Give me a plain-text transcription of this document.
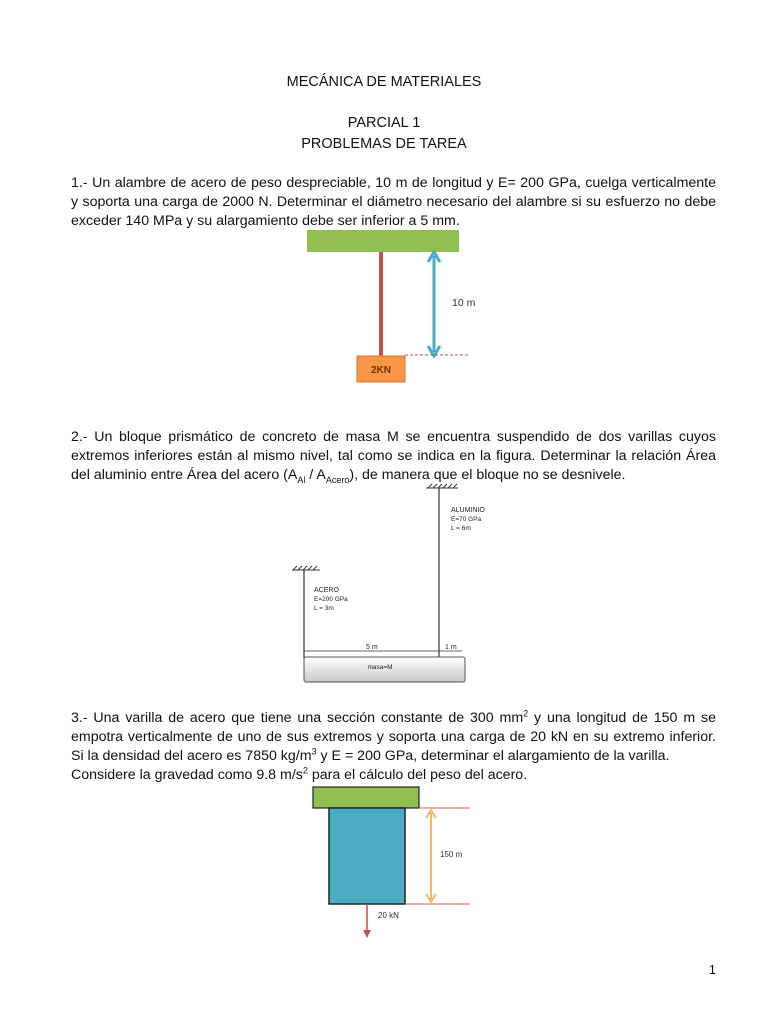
MECÁNICA DE MATERIALES
PARCIAL 1
PROBLEMAS DE TAREA

1.- Un alambre de acero de peso despreciable, 10 m de longitud y E= 200 GPa, cuelga verticalmente y soporta una carga de 2000 N. Determinar el diámetro necesario del alambre si su esfuerzo no debe exceder 140 MPa y su alargamiento debe ser inferior a 5 mm.

2KN
10 m

2.- Un bloque prismático de concreto de masa M se encuentra suspendido de dos varillas cuyos extremos inferiores están al mismo nivel, tal como se indica en la figura. Determinar la relación Área del aluminio entre Área del acero $(A_{Al} / A_{Acero})$, de manera que el bloque no se desnivele.

ALUMINIO
E=70 GPa
L = 6m
ACERO
E=200 GPa
L = 3m
5 m	1 m
masa=M

3.- Una varilla de acero que tiene una sección constante de 300 $mm^2$ y una longitud de 150 m se empotra verticalmente de uno de sus extremos y soporta una carga de 20 kN en su extremo inferior. Si la densidad del acero es 7850 $kg/m^3$ y E = 200 GPa, determinar el alargamiento de la varilla.

Considere la gravedad como 9.8 $m/s^2$ para el cálculo del peso del acero.

150 m
20 kN
1
